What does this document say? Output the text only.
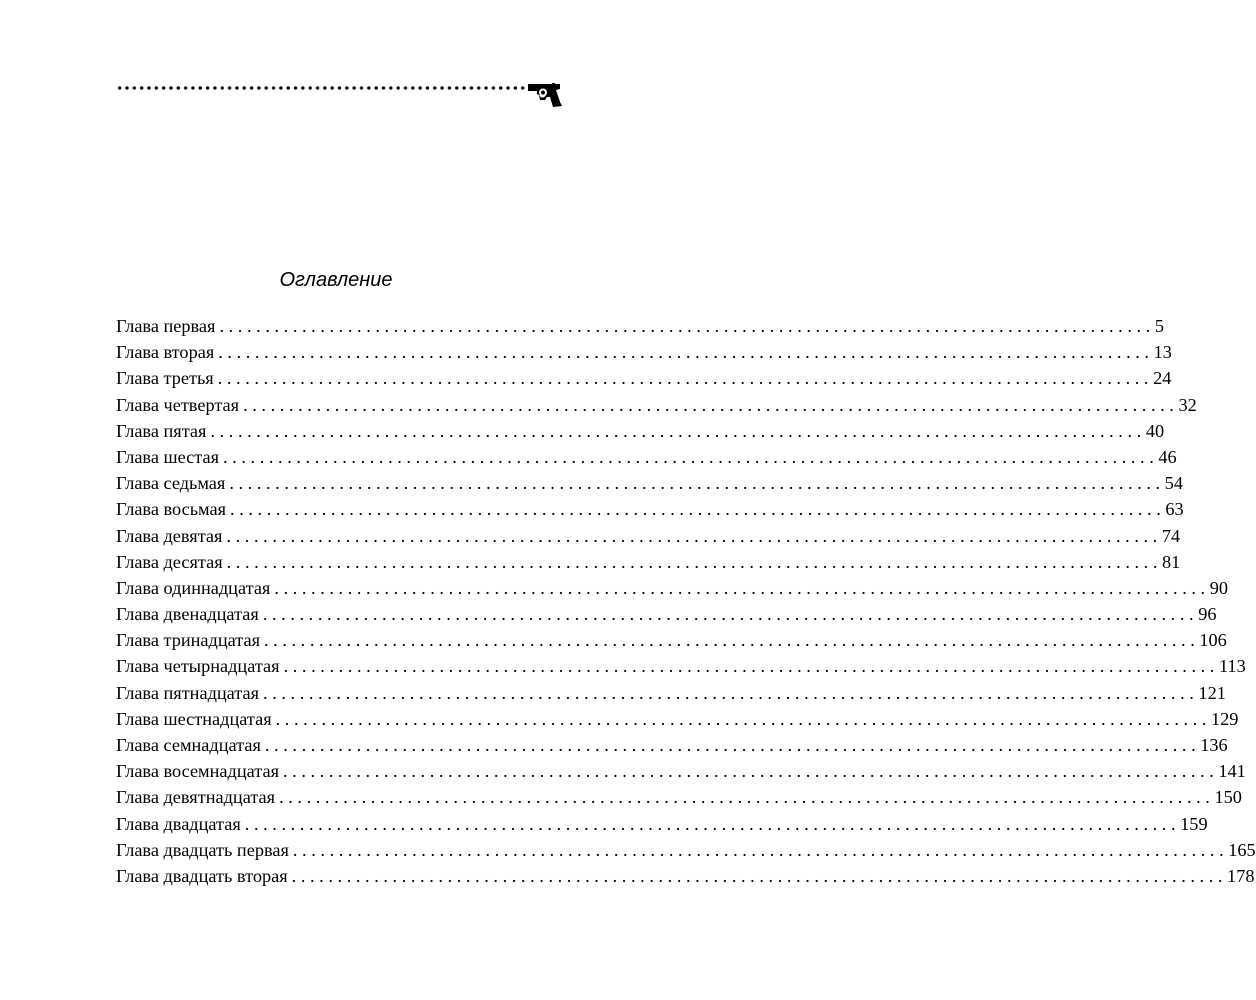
Оглавление
Глава первая ...................................................................................................... 5
Глава вторая ...................................................................................................... 13
Глава третья ...................................................................................................... 24
Глава четвертая ...................................................................................................... 32
Глава пятая ...................................................................................................... 40
Глава шестая ...................................................................................................... 46
Глава седьмая ...................................................................................................... 54
Глава восьмая ...................................................................................................... 63
Глава девятая ...................................................................................................... 74
Глава десятая ...................................................................................................... 81
Глава одиннадцатая ...................................................................................................... 90
Глава двенадцатая ...................................................................................................... 96
Глава тринадцатая ...................................................................................................... 106
Глава четырнадцатая ...................................................................................................... 113
Глава пятнадцатая ...................................................................................................... 121
Глава шестнадцатая ...................................................................................................... 129
Глава семнадцатая ...................................................................................................... 136
Глава восемнадцатая ...................................................................................................... 141
Глава девятнадцатая ...................................................................................................... 150
Глава двадцатая ...................................................................................................... 159
Глава двадцать первая ...................................................................................................... 165
Глава двадцать вторая ...................................................................................................... 178
